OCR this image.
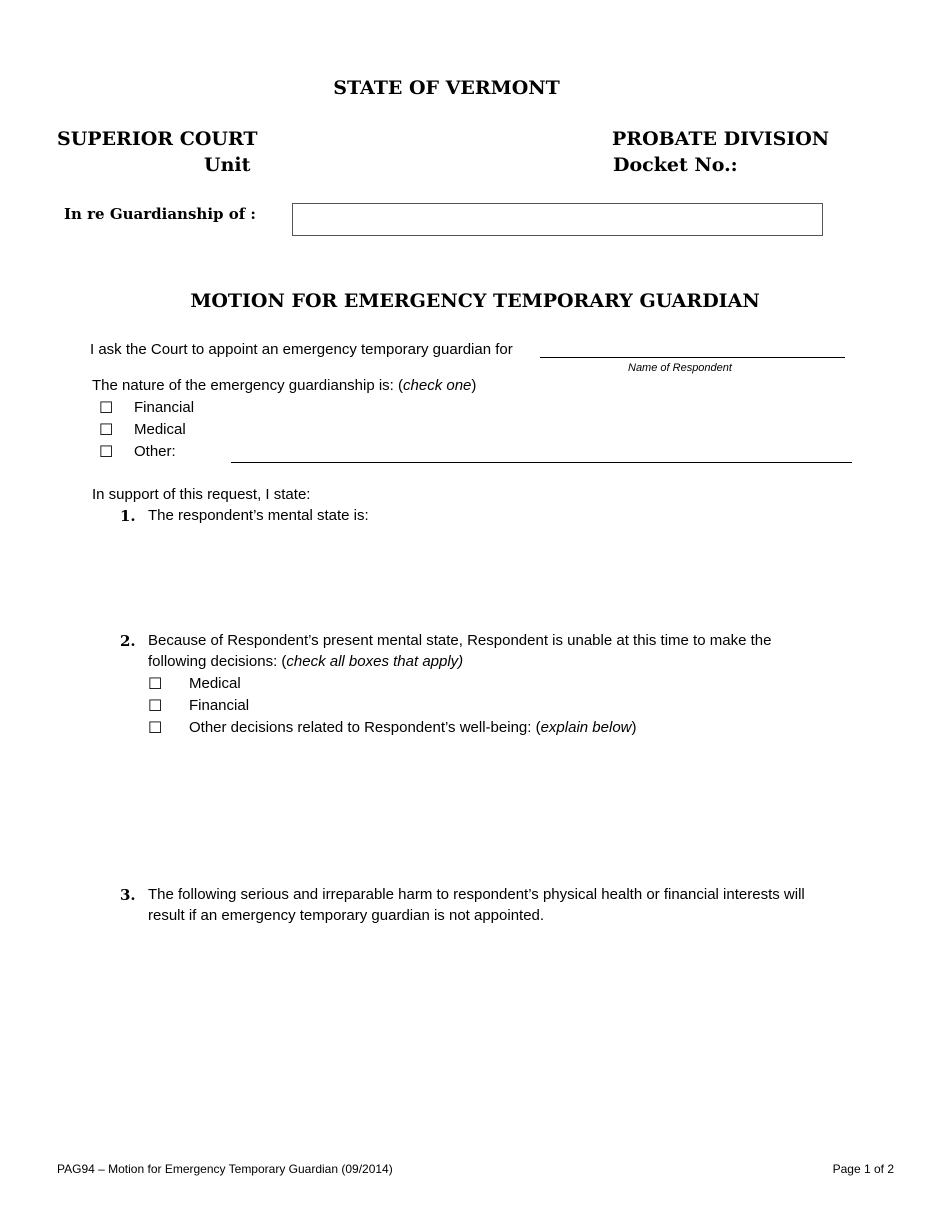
STATE OF VERMONT
SUPERIOR COURT
Unit
PROBATE DIVISION
Docket No.:
In re Guardianship of :
MOTION FOR EMERGENCY TEMPORARY GUARDIAN
I ask the Court to appoint an emergency temporary guardian for
Name of Respondent
The nature of the emergency guardianship is: (check one)
☐ Financial
☐ Medical
☐ Other:
In support of this request, I state:
1. The respondent’s mental state is:
2. Because of Respondent’s present mental state, Respondent is unable at this time to make the
following decisions: (check all boxes that apply)
☐ Medical
☐ Financial
☐ Other decisions related to Respondent’s well-being: (explain below)
3. The following serious and irreparable harm to respondent’s physical health or financial interests will
result if an emergency temporary guardian is not appointed.
PAG94 – Motion for Emergency Temporary Guardian (09/2014)	Page 1 of 2
